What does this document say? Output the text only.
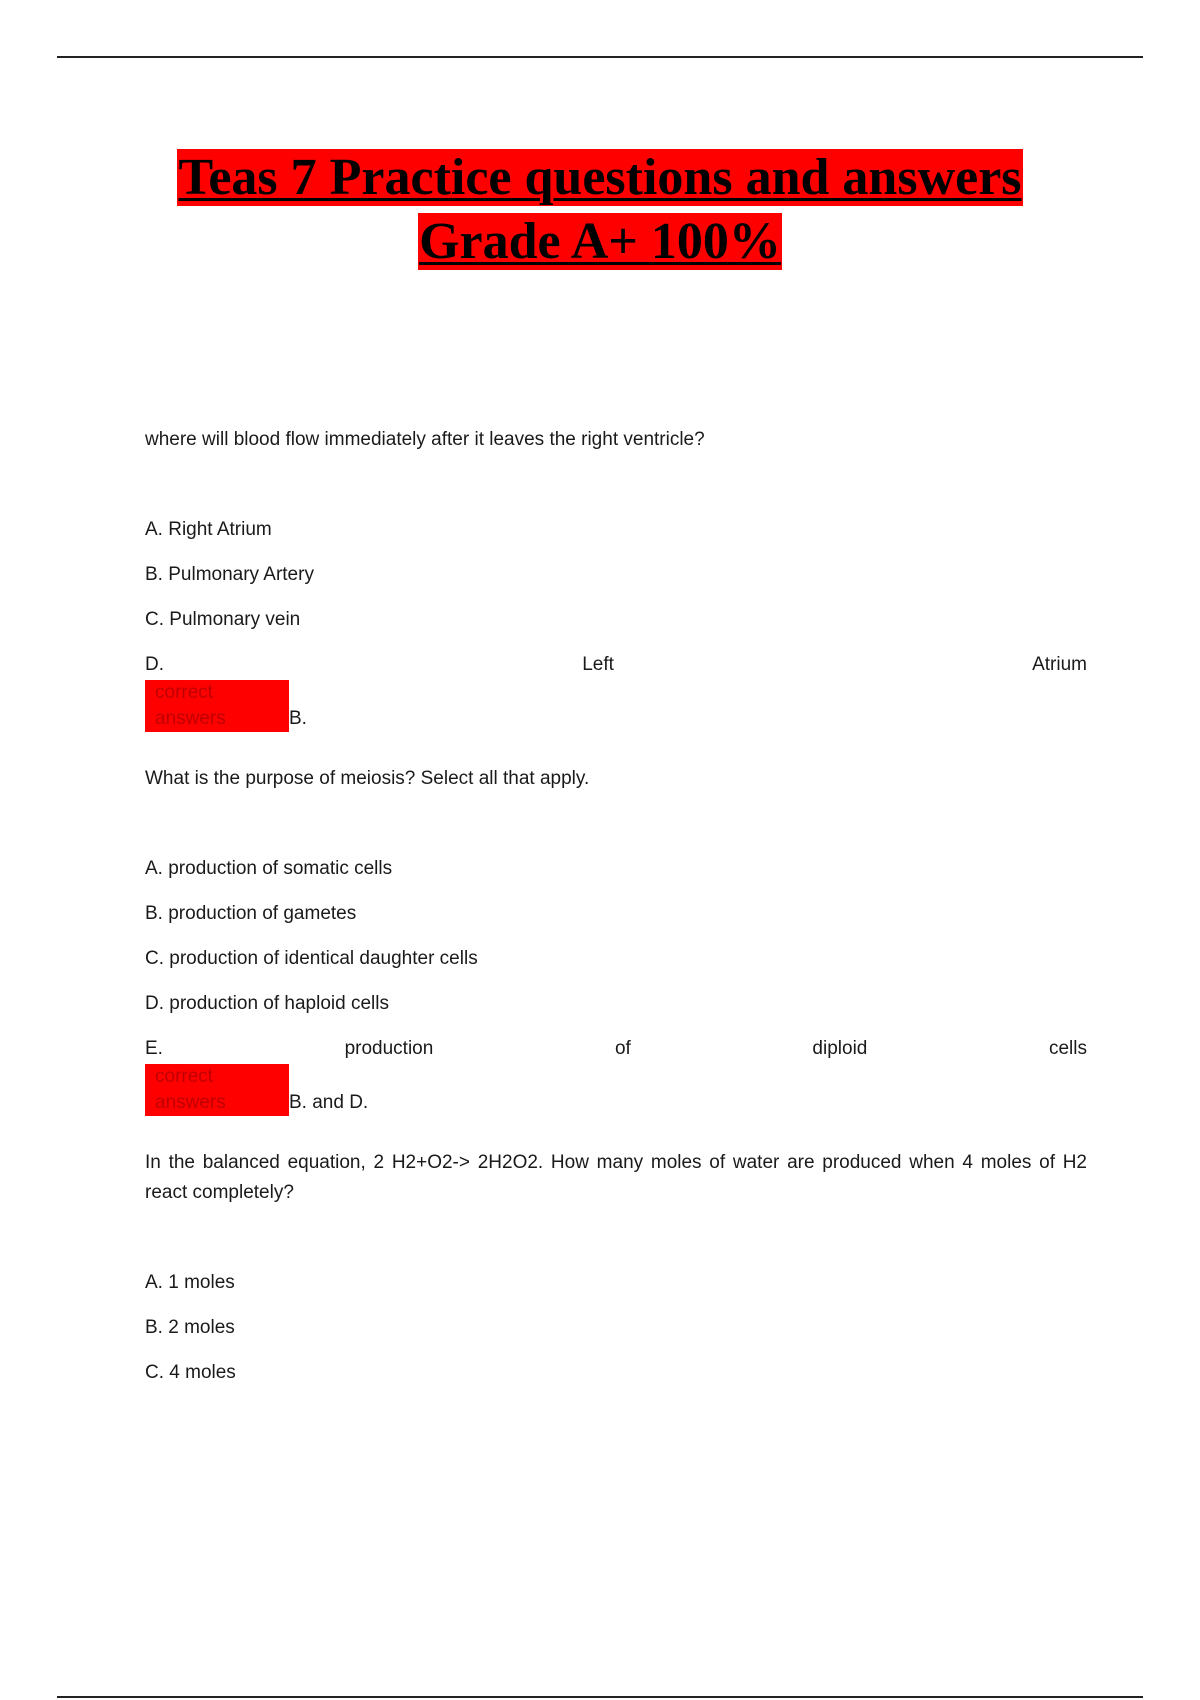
Teas 7 Practice questions and answers
Grade A+ 100%
where will blood flow immediately after it leaves the right ventricle?
A. Right Atrium
B. Pulmonary Artery
C. Pulmonary vein
D.	Left	Atrium
correct answers	B.
What is the purpose of meiosis? Select all that apply.
A. production of somatic cells
B. production of gametes
C. production of identical daughter cells
D. production of haploid cells
E.	production	of	diploid	cells
correct answers	B. and D.
In the balanced equation, 2 H2+O2-> 2H2O2. How many moles of water are produced when 4 moles of H2 react completely?
A. 1 moles
B. 2 moles
C. 4 moles
